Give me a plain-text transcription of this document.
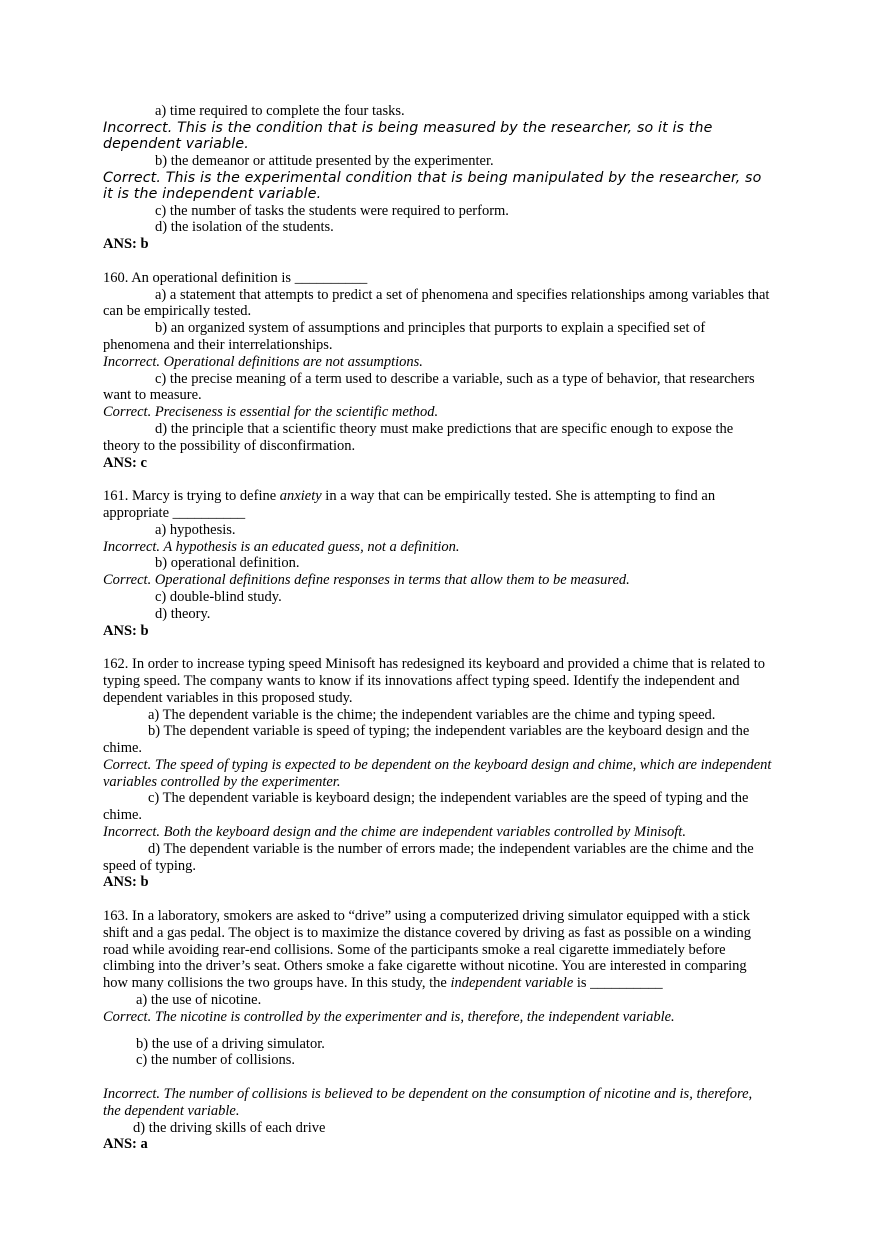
a) time required to complete the four tasks.
Incorrect. This is the condition that is being measured by the researcher, so it is the dependent variable.
b) the demeanor or attitude presented by the experimenter.
Correct. This is the experimental condition that is being manipulated by the researcher, so it is the independent variable.
c) the number of tasks the students were required to perform.
d) the isolation of the students.
ANS: b
160. An operational definition is __________
a) a statement that attempts to predict a set of phenomena and specifies relationships among variables that can be empirically tested.
b) an organized system of assumptions and principles that purports to explain a specified set of phenomena and their interrelationships.
Incorrect. Operational definitions are not assumptions.
c) the precise meaning of a term used to describe a variable, such as a type of behavior, that researchers want to measure.
Correct. Preciseness is essential for the scientific method.
d) the principle that a scientific theory must make predictions that are specific enough to expose the theory to the possibility of disconfirmation.
ANS: c
161. Marcy is trying to define anxiety in a way that can be empirically tested. She is attempting to find an appropriate __________
a) hypothesis.
Incorrect. A hypothesis is an educated guess, not a definition.
b) operational definition.
Correct. Operational definitions define responses in terms that allow them to be measured.
c) double-blind study.
d) theory.
ANS: b
162. In order to increase typing speed Minisoft has redesigned its keyboard and provided a chime that is related to typing speed. The company wants to know if its innovations affect typing speed. Identify the independent and dependent variables in this proposed study.
a) The dependent variable is the chime; the independent variables are the chime and typing speed.
b) The dependent variable is speed of typing; the independent variables are the keyboard design and the chime.
Correct. The speed of typing is expected to be dependent on the keyboard design and chime, which are independent variables controlled by the experimenter.
c) The dependent variable is keyboard design; the independent variables are the speed of typing and the chime.
Incorrect. Both the keyboard design and the chime are independent variables controlled by Minisoft.
d) The dependent variable is the number of errors made; the independent variables are the chime and the speed of typing.
ANS: b
163. In a laboratory, smokers are asked to “drive” using a computerized driving simulator equipped with a stick shift and a gas pedal. The object is to maximize the distance covered by driving as fast as possible on a winding road while avoiding rear-end collisions. Some of the participants smoke a real cigarette immediately before climbing into the driver’s seat. Others smoke a fake cigarette without nicotine. You are interested in comparing how many collisions the two groups have. In this study, the independent variable is __________
a) the use of nicotine.
Correct. The nicotine is controlled by the experimenter and is, therefore, the independent variable.
b) the use of a driving simulator.
c) the number of collisions.
Incorrect. The number of collisions is believed to be dependent on the consumption of nicotine and is, therefore, the dependent variable.
d) the driving skills of each drive
ANS: a
